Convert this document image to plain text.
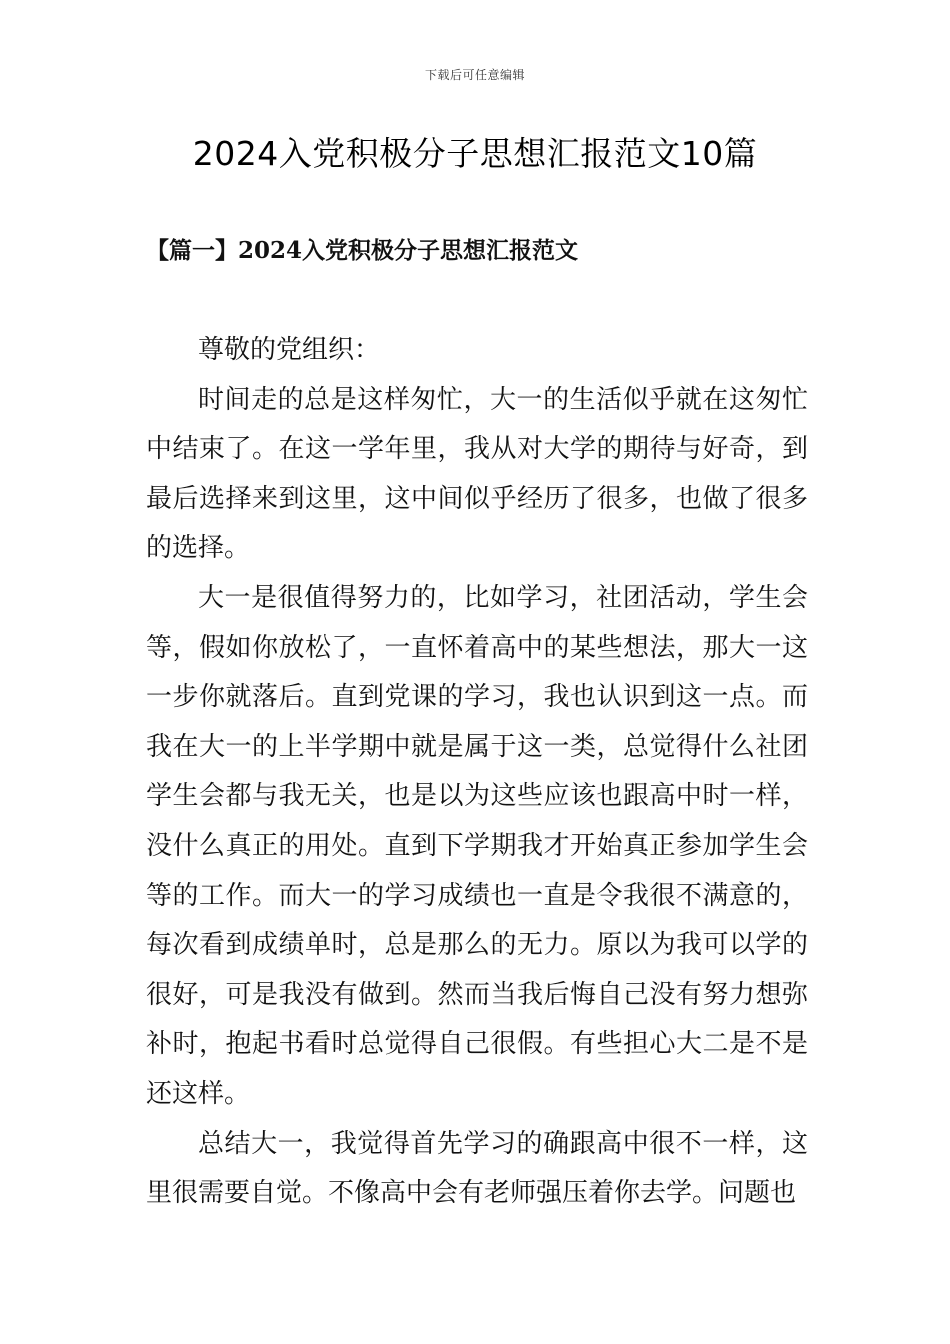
下载后可任意编辑
2024入党积极分子思想汇报范文10篇
【篇一】2024入党积极分子思想汇报范文

尊敬的党组织：

时间走的总是这样匆忙，大一的生活似乎就在这匆忙中结束了。在这一学年里，我从对大学的期待与好奇，到最后选择来到这里，这中间似乎经历了很多，也做了很多的选择。

大一是很值得努力的，比如学习，社团活动，学生会等，假如你放松了，一直怀着高中的某些想法，那大一这一步你就落后。直到党课的学习，我也认识到这一点。而我在大一的上半学期中就是属于这一类，总觉得什么社团学生会都与我无关，也是以为这些应该也跟高中时一样，没什么真正的用处。直到下学期我才开始真正参加学生会等的工作。而大一的学习成绩也一直是令我很不满意的，每次看到成绩单时，总是那么的无力。原以为我可以学的很好，可是我没有做到。然而当我后悔自己没有努力想弥补时，抱起书看时总觉得自己很假。有些担心大二是不是还这样。

总结大一，我觉得首先学习的确跟高中很不一样，这里很需要自觉。不像高中会有老师强压着你去学。问题也
